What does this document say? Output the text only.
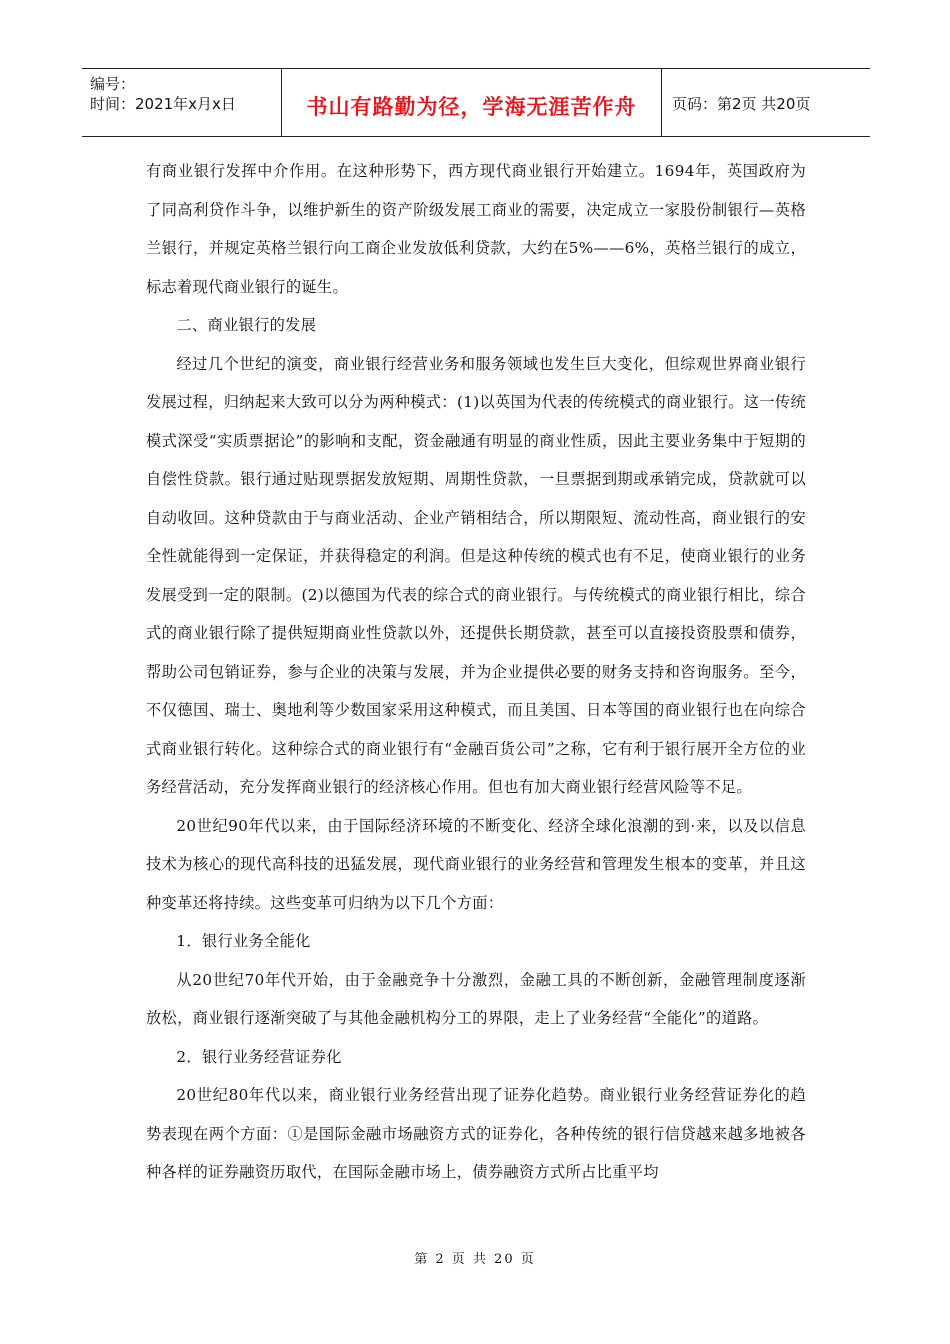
编号：
时间：2021年x月x日	书山有路勤为径，学海无涯苦作舟	页码：第2页 共20页

有商业银行发挥中介作用。在这种形势下，西方现代商业银行开始建立。1694年，英国政府为了同高利贷作斗争，以维护新生的资产阶级发展工商业的需要，决定成立一家股份制银行—英格兰银行，并规定英格兰银行向工商企业发放低利贷款，大约在5%——6%，英格兰银行的成立，标志着现代商业银行的诞生。

二、商业银行的发展

经过几个世纪的演变，商业银行经营业务和服务领域也发生巨大变化，但综观世界商业银行发展过程，归纳起来大致可以分为两种模式：(1)以英国为代表的传统模式的商业银行。这一传统模式深受“实质票据论”的影响和支配，资金融通有明显的商业性质，因此主要业务集中于短期的自偿性贷款。银行通过贴现票据发放短期、周期性贷款，一旦票据到期或承销完成，贷款就可以自动收回。这种贷款由于与商业活动、企业产销相结合，所以期限短、流动性高，商业银行的安全性就能得到一定保证，并获得稳定的利润。但是这种传统的模式也有不足，使商业银行的业务发展受到一定的限制。(2)以德国为代表的综合式的商业银行。与传统模式的商业银行相比，综合式的商业银行除了提供短期商业性贷款以外，还提供长期贷款，甚至可以直接投资股票和债券，帮助公司包销证券，参与企业的决策与发展，并为企业提供必要的财务支持和咨询服务。至今，不仅德国、瑞士、奥地利等少数国家采用这种模式，而且美国、日本等国的商业银行也在向综合式商业银行转化。这种综合式的商业银行有“金融百货公司”之称，它有利于银行展开全方位的业务经营活动，充分发挥商业银行的经济核心作用。但也有加大商业银行经营风险等不足。

20世纪90年代以来，由于国际经济环境的不断变化、经济全球化浪潮的到·来，以及以信息技术为核心的现代高科技的迅猛发展，现代商业银行的业务经营和管理发生根本的变革，并且这种变革还将持续。这些变革可归纳为以下几个方面：

1．银行业务全能化

从20世纪70年代开始，由于金融竞争十分激烈，金融工具的不断创新，金融管理制度逐渐放松，商业银行逐渐突破了与其他金融机构分工的界限，走上了业务经营“全能化”的道路。

2．银行业务经营证券化

20世纪80年代以来，商业银行业务经营出现了证券化趋势。商业银行业务经营证券化的趋势表现在两个方面：①是国际金融市场融资方式的证券化，各种传统的银行信贷越来越多地被各种各样的证券融资历取代，在国际金融市场上，债券融资方式所占比重平均

第 2 页 共 20 页
